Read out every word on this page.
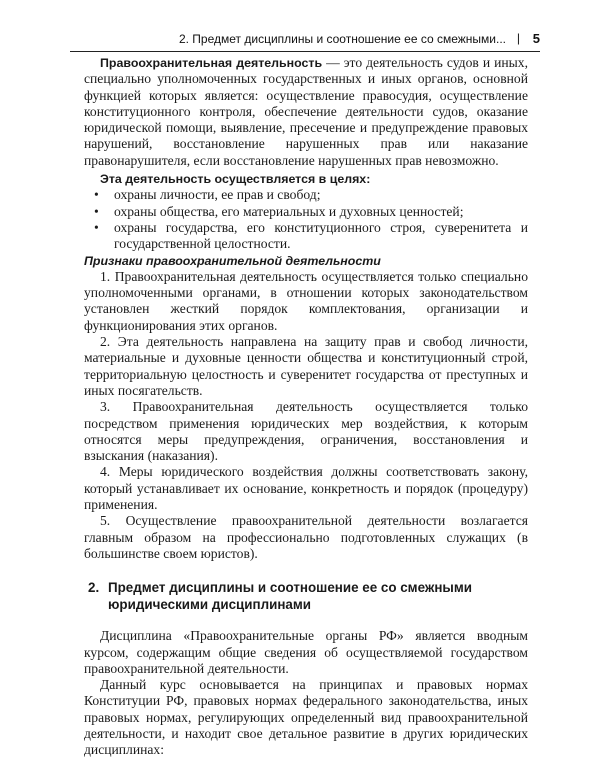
2. Предмет дисциплины и соотношение ее со смежными... | 5

Правоохранительная деятельность — это деятельность судов и иных, специально уполномоченных государственных и иных органов, основной функцией которых является: осуществление правосудия, осуществление конституционного контроля, обеспечение деятельности судов, оказание юридической помощи, выявление, пресечение и предупреждение правовых нарушений, восстановление нарушенных прав или наказание правонарушителя, если восстановление нарушенных прав невозможно.

Эта деятельность осуществляется в целях:

• охраны личности, ее прав и свобод;
• охраны общества, его материальных и духовных ценностей;
• охраны государства, его конституционного строя, суверенитета и государственной целостности.

Признаки правоохранительной деятельности

1. Правоохранительная деятельность осуществляется только специально уполномоченными органами, в отношении которых законодательством установлен жесткий порядок комплектования, организации и функционирования этих органов.

2. Эта деятельность направлена на защиту прав и свобод личности, материальные и духовные ценности общества и конституционный строй, территориальную целостность и суверенитет государства от преступных и иных посягательств.

3. Правоохранительная деятельность осуществляется только посредством применения юридических мер воздействия, к которым относятся меры предупреждения, ограничения, восстановления и взыскания (наказания).

4. Меры юридического воздействия должны соответствовать закону, который устанавливает их основание, конкретность и порядок (процедуру) применения.

5. Осуществление правоохранительной деятельности возлагается главным образом на профессионально подготовленных служащих (в большинстве своем юристов).

2. Предмет дисциплины и соотношение ее со смежными юридическими дисциплинами

Дисциплина «Правоохранительные органы РФ» является вводным курсом, содержащим общие сведения об осуществляемой государством правоохранительной деятельности.

Данный курс основывается на принципах и правовых нормах Конституции РФ, правовых нормах федерального законодательства, иных правовых нормах, регулирующих определенный вид правоохранительной деятельности, и находит свое детальное развитие в других юридических дисциплинах:
